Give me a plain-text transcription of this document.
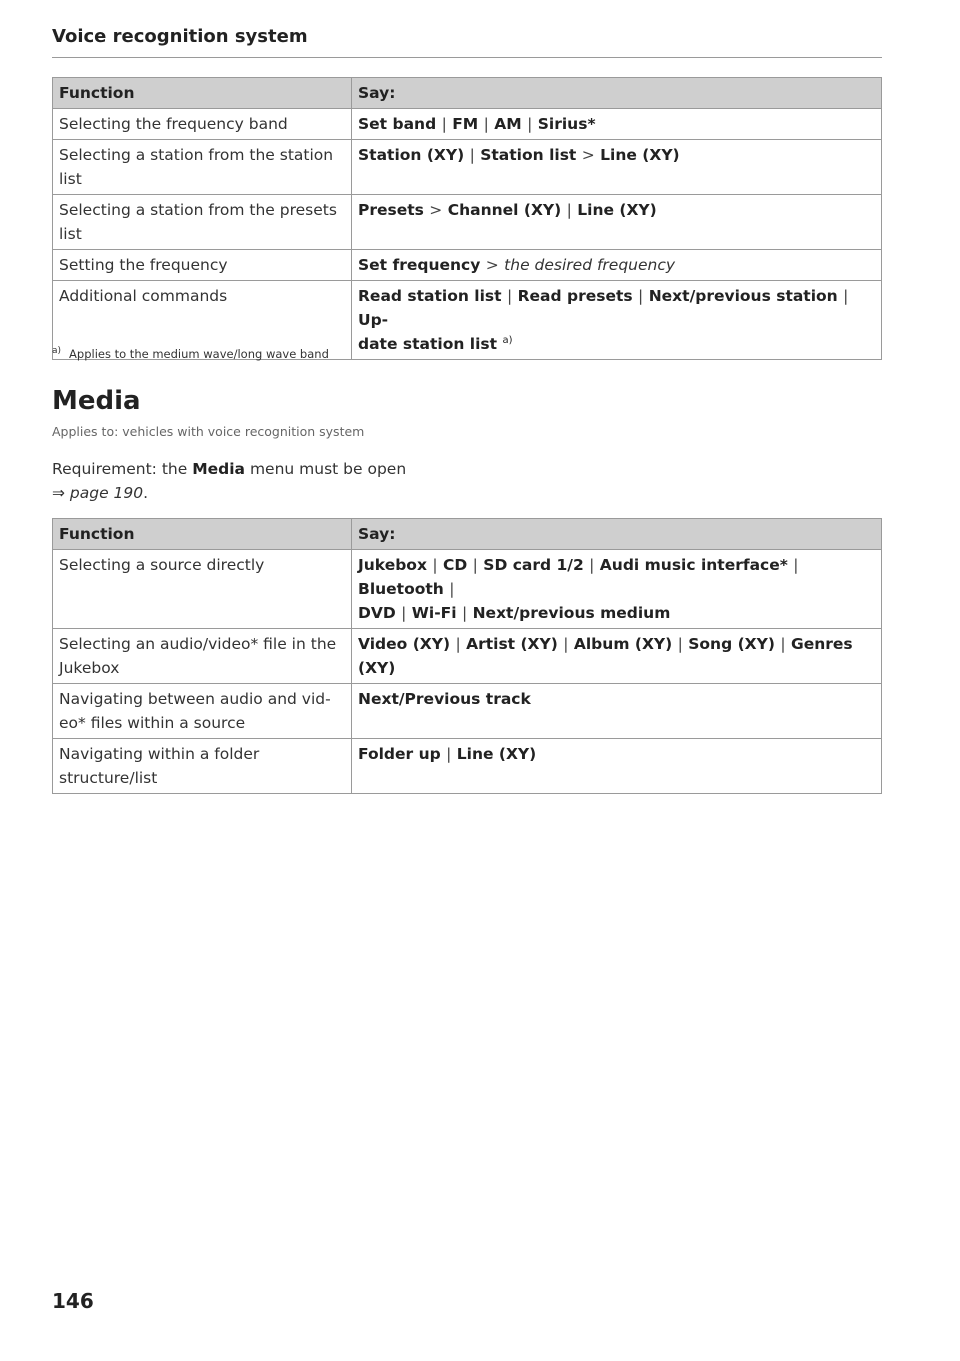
Voice recognition system
Function	Say:
Selecting the frequency band	Set band | FM | AM | Sirius*
Selecting a station from the station list	Station (XY) | Station list > Line (XY)
Selecting a station from the presets list	Presets > Channel (XY) | Line (XY)
Setting the frequency	Set frequency > the desired frequency
Additional commands	Read station list | Read presets | Next/previous station | Up-
date station list $^{a)}$
$^{a)}$ Applies to the medium wave/long wave band
Media
Applies to: vehicles with voice recognition system
Requirement: the Media menu must be open
⇒ page 190.
Function	Say:
Selecting a source directly	Jukebox | CD | SD card 1/2 | Audi music interface* | Bluetooth |
DVD | Wi-Fi | Next/previous medium
Selecting an audio/video* file in the Jukebox	Video (XY) | Artist (XY) | Album (XY) | Song (XY) | Genres (XY)
Navigating between audio and vid-eo* files within a source	Next/Previous track
Navigating within a folder structure/list	Folder up | Line (XY)
146
